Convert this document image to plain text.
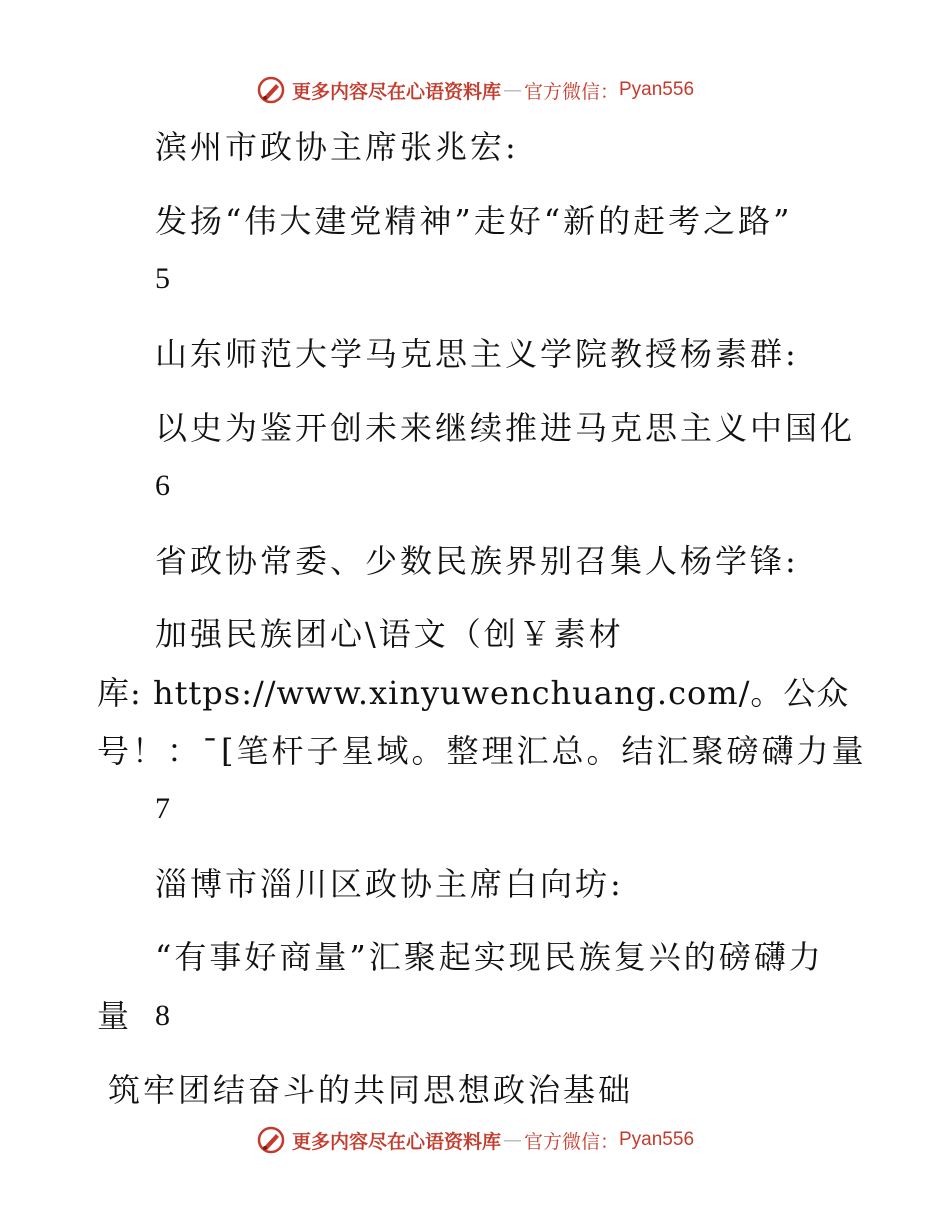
更多内容尽在心语资料库 — 官方微信： Pyan556
滨州市政协主席张兆宏:
发扬“伟大建党精神”走好“新的赶考之路”
5
山东师范大学马克思主义学院教授杨素群:
以史为鉴开创未来继续推进马克思主义中国化
6
省政协常委、少数民族界别召集人杨学锋:
加强民族团心\语文（创￥素材
库: https://www.xinyuwenchuang.com/。公众
号！：¯[笔杆子星域。整理汇总。结汇聚磅礴力量
7
淄博市淄川区政协主席白向坊:
“有事好商量”汇聚起实现民族复兴的磅礴力
量 8
筑牢团结奋斗的共同思想政治基础
更多内容尽在心语资料库 — 官方微信： Pyan556
